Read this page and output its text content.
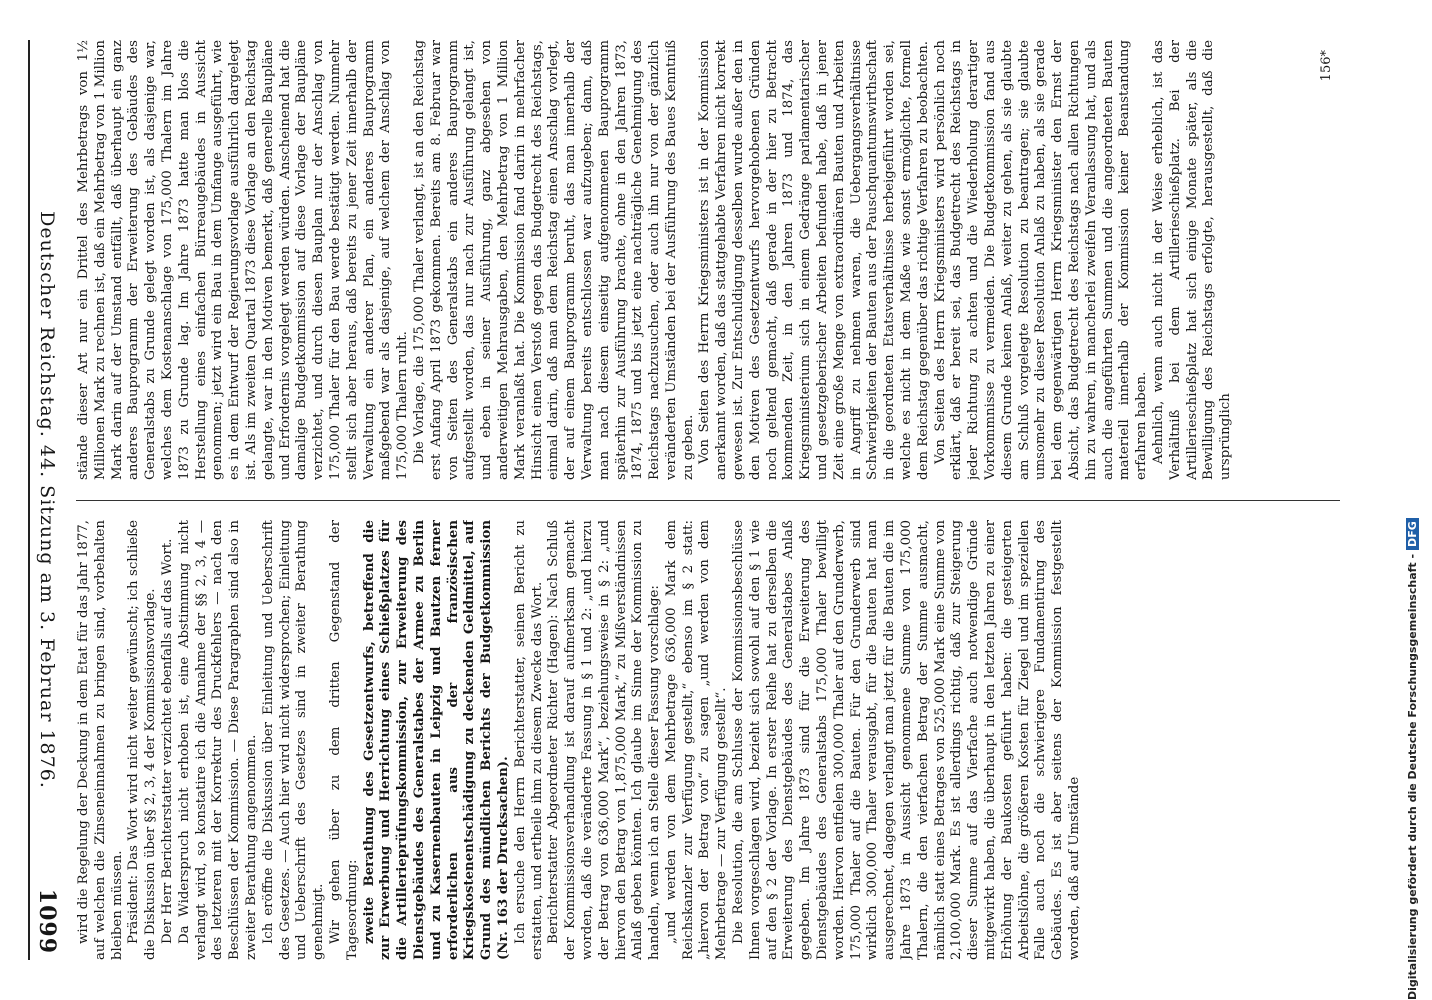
Deutscher Reichstag. 44. Sitzung am 3. Februar 1876.
1099 wird die Regelung der Deckung in dem Etat für das Jahr 1877, auf welchen die Zinseneinnahmen zu bringen sind, vorbehalten bleiben müssen. Präsident: Das Wort wird nicht weiter gewünscht; ich schließe die Diskussion über §§ 2, 3, 4 der Kommissionsvorlage. Der Herr Berichterstatter verzichtet ebenfalls auf das Wort. Da Widerspruch nicht erhoben ist, eine Abstimmung nicht verlangt wird, so konstatire ich die Annahme der §§ 2, 3, 4 — des letzteren mit der Korrektur des Druckfehlers — nach den Beschlüssen der Kommission. — Diese Paragraphen sind also in zweiter Berathung angenommen. Ich eröffne die Diskussion über Einleitung und Ueberschrift des Gesetzes. — Auch hier wird nicht widersprochen; Einleitung und Ueberschrift des Gesetzes sind in zweiter Berathung genehmigt. Wir gehen über zu dem dritten Gegenstand der Tagesordnung: zweite Berathung des Gesetzentwurfs, betreffend die zur Erwerbung und Herrichtung eines Schießplatzes für die Artillerieprüfungskommission, zur Erweiterung des Dienstgebäudes des Generalstabes der Armee zu Berlin und zu Kasernenbauten in Leipzig und Bautzen ferner erforderlichen aus der französischen Kriegskostenentschädigung zu deckenden Geldmittel, auf Grund des mündlichen Berichts der Budgetkommission (Nr. 163 der Drucksachen). Ich ersuche den Herrn Berichterstatter, seinen Bericht zu erstatten, und ertheile ihm zu diesem Zwecke das Wort. Berichterstatter Abgeordneter Richter (Hagen): Nach Schluß der Kommissionsverhandlung ist darauf aufmerksam gemacht worden, daß die veränderte Fassung in § 1 und 2: „und hierzu der Betrag von 636,000 Mark“, beziehungsweise in § 2: „und hiervon den Betrag von 1,875,000 Mark,“ zu Mißverständnissen Anlaß geben könnten. Ich glaube im Sinne der Kommission zu handeln, wenn ich an Stelle dieser Fassung vorschlage: „und werden von dem Mehrbetrage 636,000 Mark dem Reichskanzler zur Verfügung gestellt,“ ebenso im § 2 statt: „hiervon der Betrag von“ zu sagen „und werden von dem Mehrbetrage — zur Verfügung gestellt“. Die Resolution, die am Schlusse der Kommissionsbeschlüsse Ihnen vorgeschlagen wird, bezieht sich sowohl auf den § 1 wie auf den § 2 der Vorlage. In erster Reihe hat zu derselben die Erweiterung des Dienstgebäudes des Generalstabes Anlaß gegeben. Im Jahre 1873 sind für die Erweiterung des Dienstgebäudes des Generalstabs 175,000 Thaler bewilligt worden. Hiervon entfielen 300,000 Thaler auf den Grunderwerb, 175,000 Thaler auf die Bauten. Für den Grunderwerb sind wirklich 300,000 Thaler verausgabt, für die Bauten hat man ausgerechnet, dagegen verlangt man jetzt für die Bauten die im Jahre 1873 in Aussicht genommene Summe von 175,000 Thalern, die den vierfachen Betrag der Summe ausmacht, nämlich statt eines Betrages von 525,000 Mark eine Summe von 2,100,000 Mark. Es ist allerdings richtig, daß zur Steigerung dieser Summe auf das Vierfache auch notwendige Gründe mitgewirkt haben, die überhaupt in den letzten Jahren zu einer Erhöhung der Baukosten geführt haben: die gesteigerten Arbeitslöhne, die größeren Kosten für Ziegel und im speziellen Falle auch noch die schwierigere Fundamentirung des Gebäudes. Es ist aber seitens der Kommission festgestellt worden, daß auf Umstände

stände dieser Art nur ein Drittel des Mehrbetrags von 1½ Millionen Mark zu rechnen ist, daß ein Mehrbetrag von 1 Million Mark darin auf der Umstand entfällt, daß überhaupt ein ganz anderes Bauprogramm der Erweiterung des Gebäudes des Generalstabs zu Grunde gelegt worden ist, als dasjenige war, welches dem Kostenanschlage von 175,000 Thalern im Jahre 1873 zu Grunde lag. Im Jahre 1873 hatte man blos die Herstellung eines einfachen Bürreaugebäudes in Aussicht genommen; jetzt wird ein Bau in dem Umfange ausgeführt, wie es in dem Entwurf der Regierungsvorlage ausführlich dargelegt ist. Als im zweiten Quartal 1873 diese Vorlage an den Reichstag gelangte, war in den Motiven bemerkt, daß generelle Baupläne und Erfordernis vorgelegt werden würden. Anscheinend hat die damalige Budgetkommission auf diese Vorlage der Baupläne verzichtet, und durch diesen Bauplan nur der Anschlag von 175,000 Thaler für den Bau werde bestätigt werden. Nunmehr stellt sich aber heraus, daß bereits zu jener Zeit innerhalb der Verwaltung ein anderer Plan, ein anderes Bauprogramm maßgebend war als dasjenige, auf welchem der Anschlag von 175,000 Thalern ruht. Die Vorlage, die 175,000 Thaler verlangt, ist an den Reichstag erst Anfang April 1873 gekommen. Bereits am 8. Februar war von Seiten des Generalstabs ein anderes Bauprogramm aufgestellt worden, das nur nach zur Ausführung gelangt ist, und eben in seiner Ausführung, ganz abgesehen von anderweitigen Mehrausgaben, den Mehrbetrag von 1 Million Mark veranlaßt hat. Die Kommission fand darin in mehrfacher Hinsicht einen Verstoß gegen das Budgetrecht des Reichstags, einmal darin, daß man dem Reichstag einen Anschlag vorlegt, der auf einem Bauprogramm beruht, das man innerhalb der Verwaltung bereits entschlossen war aufzugeben; dann, daß man nach diesem einseitig aufgenommenen Bauprogramm späterhin zur Ausführung brachte, ohne in den Jahren 1873, 1874, 1875 und bis jetzt eine nachträgliche Genehmigung des Reichstags nachzusuchen, oder auch ihn nur von der gänzlich veränderten Umständen bei der Ausführung des Baues Kenntniß zu geben. Von Seiten des Herrn Kriegsministers ist in der Kommission anerkannt worden, daß das stattgehabte Verfahren nicht korrekt gewesen ist. Zur Entschuldigung desselben wurde außer den in den Motiven des Gesetzentwurfs hervorgehobenen Gründen noch geltend gemacht, daß gerade in der hier zu Betracht kommenden Zeit, in den Jahren 1873 und 1874, das Kriegsministerium sich in einem Gedränge parlamentarischer und gesetzgeberischer Arbeiten befunden habe, daß in jener Zeit eine große Menge von extraordinären Bauten und Arbeiten in Angriff zu nehmen waren, die Uebergangsverhältnisse Schwierigkeiten der Bauten aus der Pauschquantumswirthschaft in die geordneten Etatsverhältnisse herbeigeführt worden sei, welche es nicht in dem Maße wie sonst ermöglichte, formell dem Reichstag gegenüber das richtige Verfahren zu beobachten. Von Seiten des Herrn Kriegsministers wird persönlich noch erklärt, daß er bereit sei, das Budgetrecht des Reichstags in jeder Richtung zu achten und die Wiederholung derartiger Vorkommnisse zu vermeiden. Die Budgetkommission fand aus diesem Grunde keinen Anlaß, weiter zu gehen, als sie glaubte am Schluß vorgelegte Resolution zu beantragen; sie glaubte umsomehr zu dieser Resolution Anlaß zu haben, als sie gerade bei dem gegenwärtigen Herrn Kriegsminister den Ernst der Absicht, das Budgetrecht des Reichstags nach allen Richtungen hin zu wahren, in mancherlei zweifeln Veranlassung hat, und als auch die angeführten Summen und die angeordneten Bauten materiell innerhalb der Kommission keiner Beanstandung erfahren haben. Aehnlich, wenn auch nicht in der Weise erheblich, ist das Verhältniß bei dem Artillerieschießplatz. Bei der Artillerieschießplatz hat sich einige Monate später, als die Bewilligung des Reichstags erfolgte, herausgestellt, daß die ursprünglich

156*
Digitalisierung gefördert durch die Deutsche Forschungsgemeinschaft -DFG
